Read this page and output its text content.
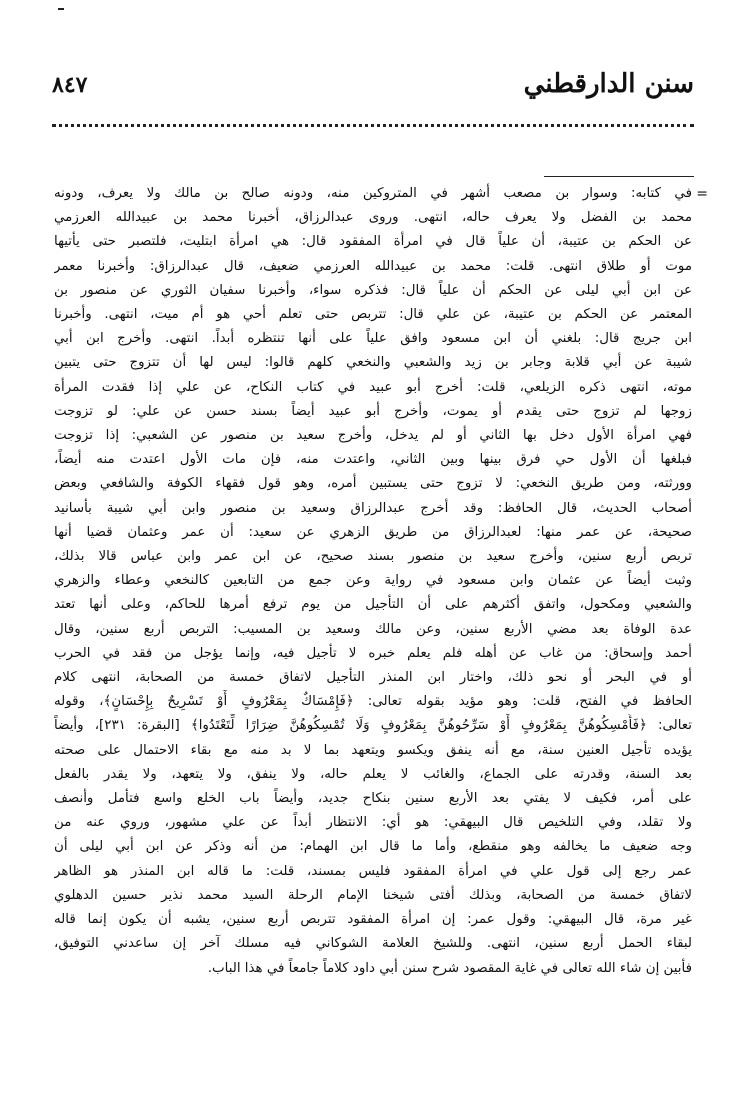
سنن الدارقطني
٨٤٧
=
في كتابه: وسوار بن مصعب أشهر في المتروكين منه، ودونه صالح بن مالك ولا يعرف، ودونه
محمد بن الفضل ولا يعرف حاله، انتهى. وروى عبدالرزاق، أخبرنا محمد بن عبيدالله العرزمي
عن الحكم بن عتيبة، أن علياً قال في امرأة المفقود قال: هي امرأة ابتليت، فلتصبر حتى يأتيها
موت أو طلاق انتهى. قلت: محمد بن عبيدالله العرزمي ضعيف، قال عبدالرزاق: وأخبرنا معمر
عن ابن أبي ليلى عن الحكم أن علياً قال: فذكره سواء، وأخبرنا سفيان الثوري عن منصور بن
المعتمر عن الحكم بن عتيبة، عن علي قال: تتربص حتى تعلم أحي هو أم ميت، انتهى. وأخبرنا
ابن جريج قال: بلغني أن ابن مسعود وافق علياً على أنها تنتظره أبداً. انتهى. وأخرج ابن أبي
شيبة عن أبي قلابة وجابر بن زيد والشعبي والنخعي كلهم قالوا: ليس لها أن تتزوج حتى يتبين
موته، انتهى ذكره الزيلعي، قلت: أخرج أبو عبيد في كتاب النكاح، عن علي إذا فقدت المرأة
زوجها لم تزوج حتى يقدم أو يموت، وأخرج أبو عبيد أيضاً بسند حسن عن علي: لو تزوجت
فهي امرأة الأول دخل بها الثاني أو لم يدخل، وأخرج سعيد بن منصور عن الشعبي: إذا تزوجت
فبلغها أن الأول حي فرق بينها وبين الثاني، واعتدت منه، فإن مات الأول اعتدت منه أيضاً،
وورثته، ومن طريق النخعي: لا تزوج حتى يستبين أمره، وهو قول فقهاء الكوفة والشافعي وبعض
أصحاب الحديث، قال الحافظ: وقد أخرج عبدالرزاق وسعيد بن منصور وابن أبي شيبة بأسانيد
صحيحة، عن عمر منها: لعبدالرزاق من طريق الزهري عن سعيد: أن عمر وعثمان قضيا أنها
تربص أربع سنين، وأخرج سعيد بن منصور بسند صحيح، عن ابن عمر وابن عباس قالا بذلك،
وثبت أيضاً عن عثمان وابن مسعود في رواية وعن جمع من التابعين كالنخعي وعطاء والزهري
والشعبي ومكحول، واتفق أكثرهم على أن التأجيل من يوم ترفع أمرها للحاكم، وعلى أنها تعتد
عدة الوفاة بعد مضي الأربع سنين، وعن مالك وسعيد بن المسيب: التربص أربع سنين، وقال
أحمد وإسحاق: من غاب عن أهله فلم يعلم خبره لا تأجيل فيه، وإنما يؤجل من فقد في الحرب
أو في البحر أو نحو ذلك، واختار ابن المنذر التأجيل لاتفاق خمسة من الصحابة، انتهى كلام
الحافظ في الفتح، قلت: وهو مؤيد بقوله تعالى: ﴿فَإِمْسَاكٌ بِمَعْرُوفٍ أَوْ تَسْرِيحٌ بِإِحْسَانٍ﴾، وقوله
تعالى: ﴿فَأَمْسِكُوهُنَّ بِمَعْرُوفٍ أَوْ سَرِّحُوهُنَّ بِمَعْرُوفٍ وَلَا تُمْسِكُوهُنَّ ضِرَارًا لِّتَعْتَدُوا﴾ [البقرة: ٢٣١]، وأيضاً
يؤيده تأجيل العنين سنة، مع أنه ينفق ويكسو ويتعهد بما لا بد منه مع بقاء الاحتمال على صحته
بعد السنة، وقدرته على الجماع، والغائب لا يعلم حاله، ولا ينفق، ولا يتعهد، ولا يقدر بالفعل
على أمر، فكيف لا يفتي بعد الأربع سنين بنكاح جديد، وأيضاً باب الخلع واسع فتأمل وأنصف
ولا تقلد، وفي التلخيص قال البيهقي: هو أي: الانتظار أبداً عن علي مشهور، وروي عنه من
وجه ضعيف ما يخالفه وهو منقطع، وأما ما قال ابن الهمام: من أنه وذكر عن ابن أبي ليلى أن
عمر رجع إلى قول علي في امرأة المفقود فليس بمسند، قلت: ما قاله ابن المنذر هو الظاهر
لاتفاق خمسة من الصحابة، وبذلك أفتى شيخنا الإمام الرحلة السيد محمد نذير حسين الدهلوي
غير مرة، قال البيهقي: وقول عمر: إن امرأة المفقود تتربص أربع سنين، يشبه أن يكون إنما قاله
لبقاء الحمل أربع سنين، انتهى. وللشيخ العلامة الشوكاني فيه مسلك آخر إن ساعدني التوفيق،
فأبين إن شاء الله تعالى في غاية المقصود شرح سنن أبي داود كلاماً جامعاً في هذا الباب.
